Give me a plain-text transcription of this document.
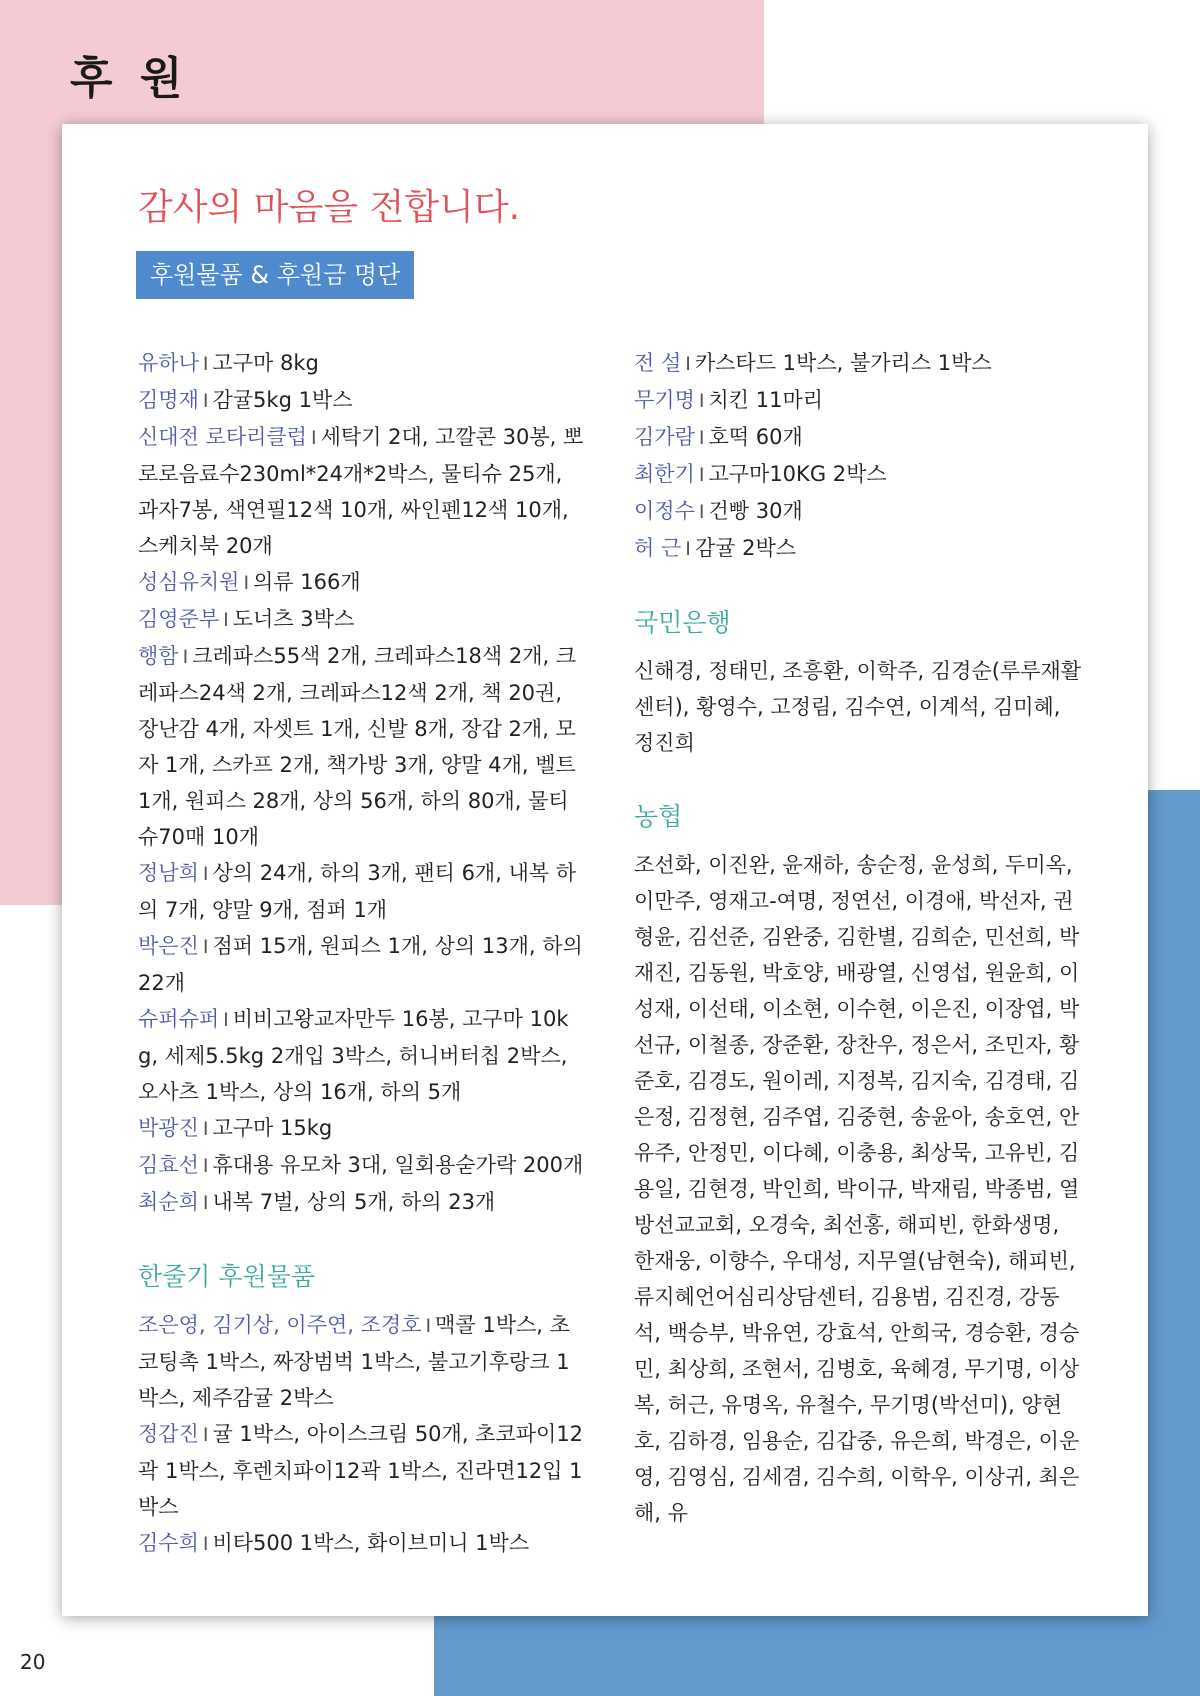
후 원
감사의 마음을 전합니다.
후원물품 & 후원금 명단

유하나 I 고구마 8kg

김명재 I 감귤5kg 1박스

신대전 로타리클럽 I 세탁기 2대, 고깔콘 30봉, 뽀로로음료수230ml*24개*2박스, 물티슈 25개, 과자7봉, 색연필12색 10개, 싸인펜12색 10개, 스케치북 20개

성심유치원 I 의류 166개

김영준부 I 도너츠 3박스

행함 I 크레파스55색 2개, 크레파스18색 2개, 크레파스24색 2개, 크레파스12색 2개, 책 20권, 장난감 4개, 자셋트 1개, 신발 8개, 장갑 2개, 모자 1개, 스카프 2개, 책가방 3개, 양말 4개, 벨트 1개, 원피스 28개, 상의 56개, 하의 80개, 물티슈70매 10개

정남희 I 상의 24개, 하의 3개, 팬티 6개, 내복 하의 7개, 양말 9개, 점퍼 1개

박은진 I 점퍼 15개, 원피스 1개, 상의 13개, 하의 22개

슈퍼슈퍼 I 비비고왕교자만두 16봉, 고구마 10kg, 세제5.5kg 2개입 3박스, 허니버터칩 2박스, 오사츠 1박스, 상의 16개, 하의 5개

박광진 I 고구마 15kg

김효선 I 휴대용 유모차 3대, 일회용숟가락 200개

최순희 I 내복 7벌, 상의 5개, 하의 23개

한줄기 후원물품

조은영, 김기상, 이주연, 조경호 I 맥콜 1박스, 초코팅촉 1박스, 짜장범벅 1박스, 불고기후랑크 1박스, 제주감귤 2박스

정갑진 I 귤 1박스, 아이스크림 50개, 초코파이12곽 1박스, 후렌치파이12곽 1박스, 진라면12입 1박스

김수희 I 비타500 1박스, 화이브미니 1박스

전 설 I 카스타드 1박스, 불가리스 1박스

무기명 I 치킨 11마리

김가람 I 호떡 60개

최한기 I 고구마10KG 2박스

이정수 I 건빵 30개

허 근 I 감귤 2박스

국민은행

신해경, 정태민, 조흥환, 이학주, 김경순(루루재활센터), 황영수, 고정림, 김수연, 이계석, 김미혜, 정진희

농협

조선화, 이진완, 윤재하, 송순정, 윤성희, 두미옥, 이만주, 영재고-여명, 정연선, 이경애, 박선자, 권형윤, 김선준, 김완중, 김한별, 김희순, 민선희, 박재진, 김동원, 박호양, 배광열, 신영섭, 원윤희, 이성재, 이선태, 이소현, 이수현, 이은진, 이장엽, 박선규, 이철종, 장준환, 장찬우, 정은서, 조민자, 황준호, 김경도, 원이레, 지정복, 김지숙, 김경태, 김은정, 김정현, 김주엽, 김중현, 송윤아, 송호연, 안유주, 안정민, 이다혜, 이충용, 최상묵, 고유빈, 김용일, 김현경, 박인희, 박이규, 박재림, 박종범, 열방선교교회, 오경숙, 최선홍, 해피빈, 한화생명, 한재웅, 이향수, 우대성, 지무열(남현숙), 해피빈, 류지혜언어심리상담센터, 김용범, 김진경, 강동석, 백승부, 박유연, 강효석, 안희국, 경승환, 경승민, 최상희, 조현서, 김병호, 육혜경, 무기명, 이상복, 허근, 유명옥, 유철수, 무기명(박선미), 양현호, 김하경, 임용순, 김갑중, 유은희, 박경은, 이운영, 김영심, 김세겸, 김수희, 이학우, 이상귀, 최은해, 유

20
